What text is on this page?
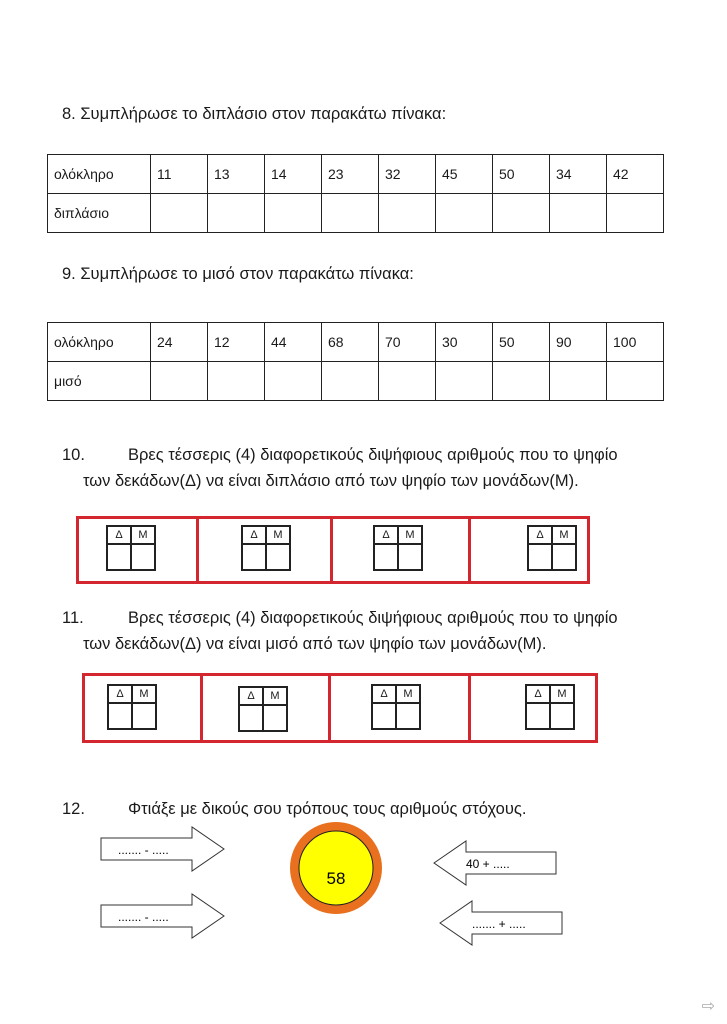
8. Συμπλήρωσε το διπλάσιο στον παρακάτω πίνακα:
ολόκληρο	11	13	14	23	32	45	50	34	42
διπλάσιο									
9. Συμπλήρωσε το μισό στον παρακάτω πίνακα:
ολόκληρο	24	12	44	68	70	30	50	90	100
μισό									
10.	Βρες τέσσερις (4) διαφορετικούς διψήφιους αριθμούς που το ψηφίο
των δεκάδων(Δ) να είναι διπλάσιο από των ψηφίο των μονάδων(Μ).
Δ	Μ	Δ	Μ	Δ	Μ	Δ	Μ
11.	Βρες τέσσερις (4) διαφορετικούς διψήφιους αριθμούς που το ψηφίο
των δεκάδων(Δ) να είναι μισό από των ψηφίο των μονάδων(Μ).
Δ	Μ	Δ	Μ	Δ	Μ	Δ	Μ
12.	Φτιάξε με δικούς σου τρόπους τους αριθμούς στόχους.
....... - .....
....... - .....
58
40 + .....
....... + .....
⇨
